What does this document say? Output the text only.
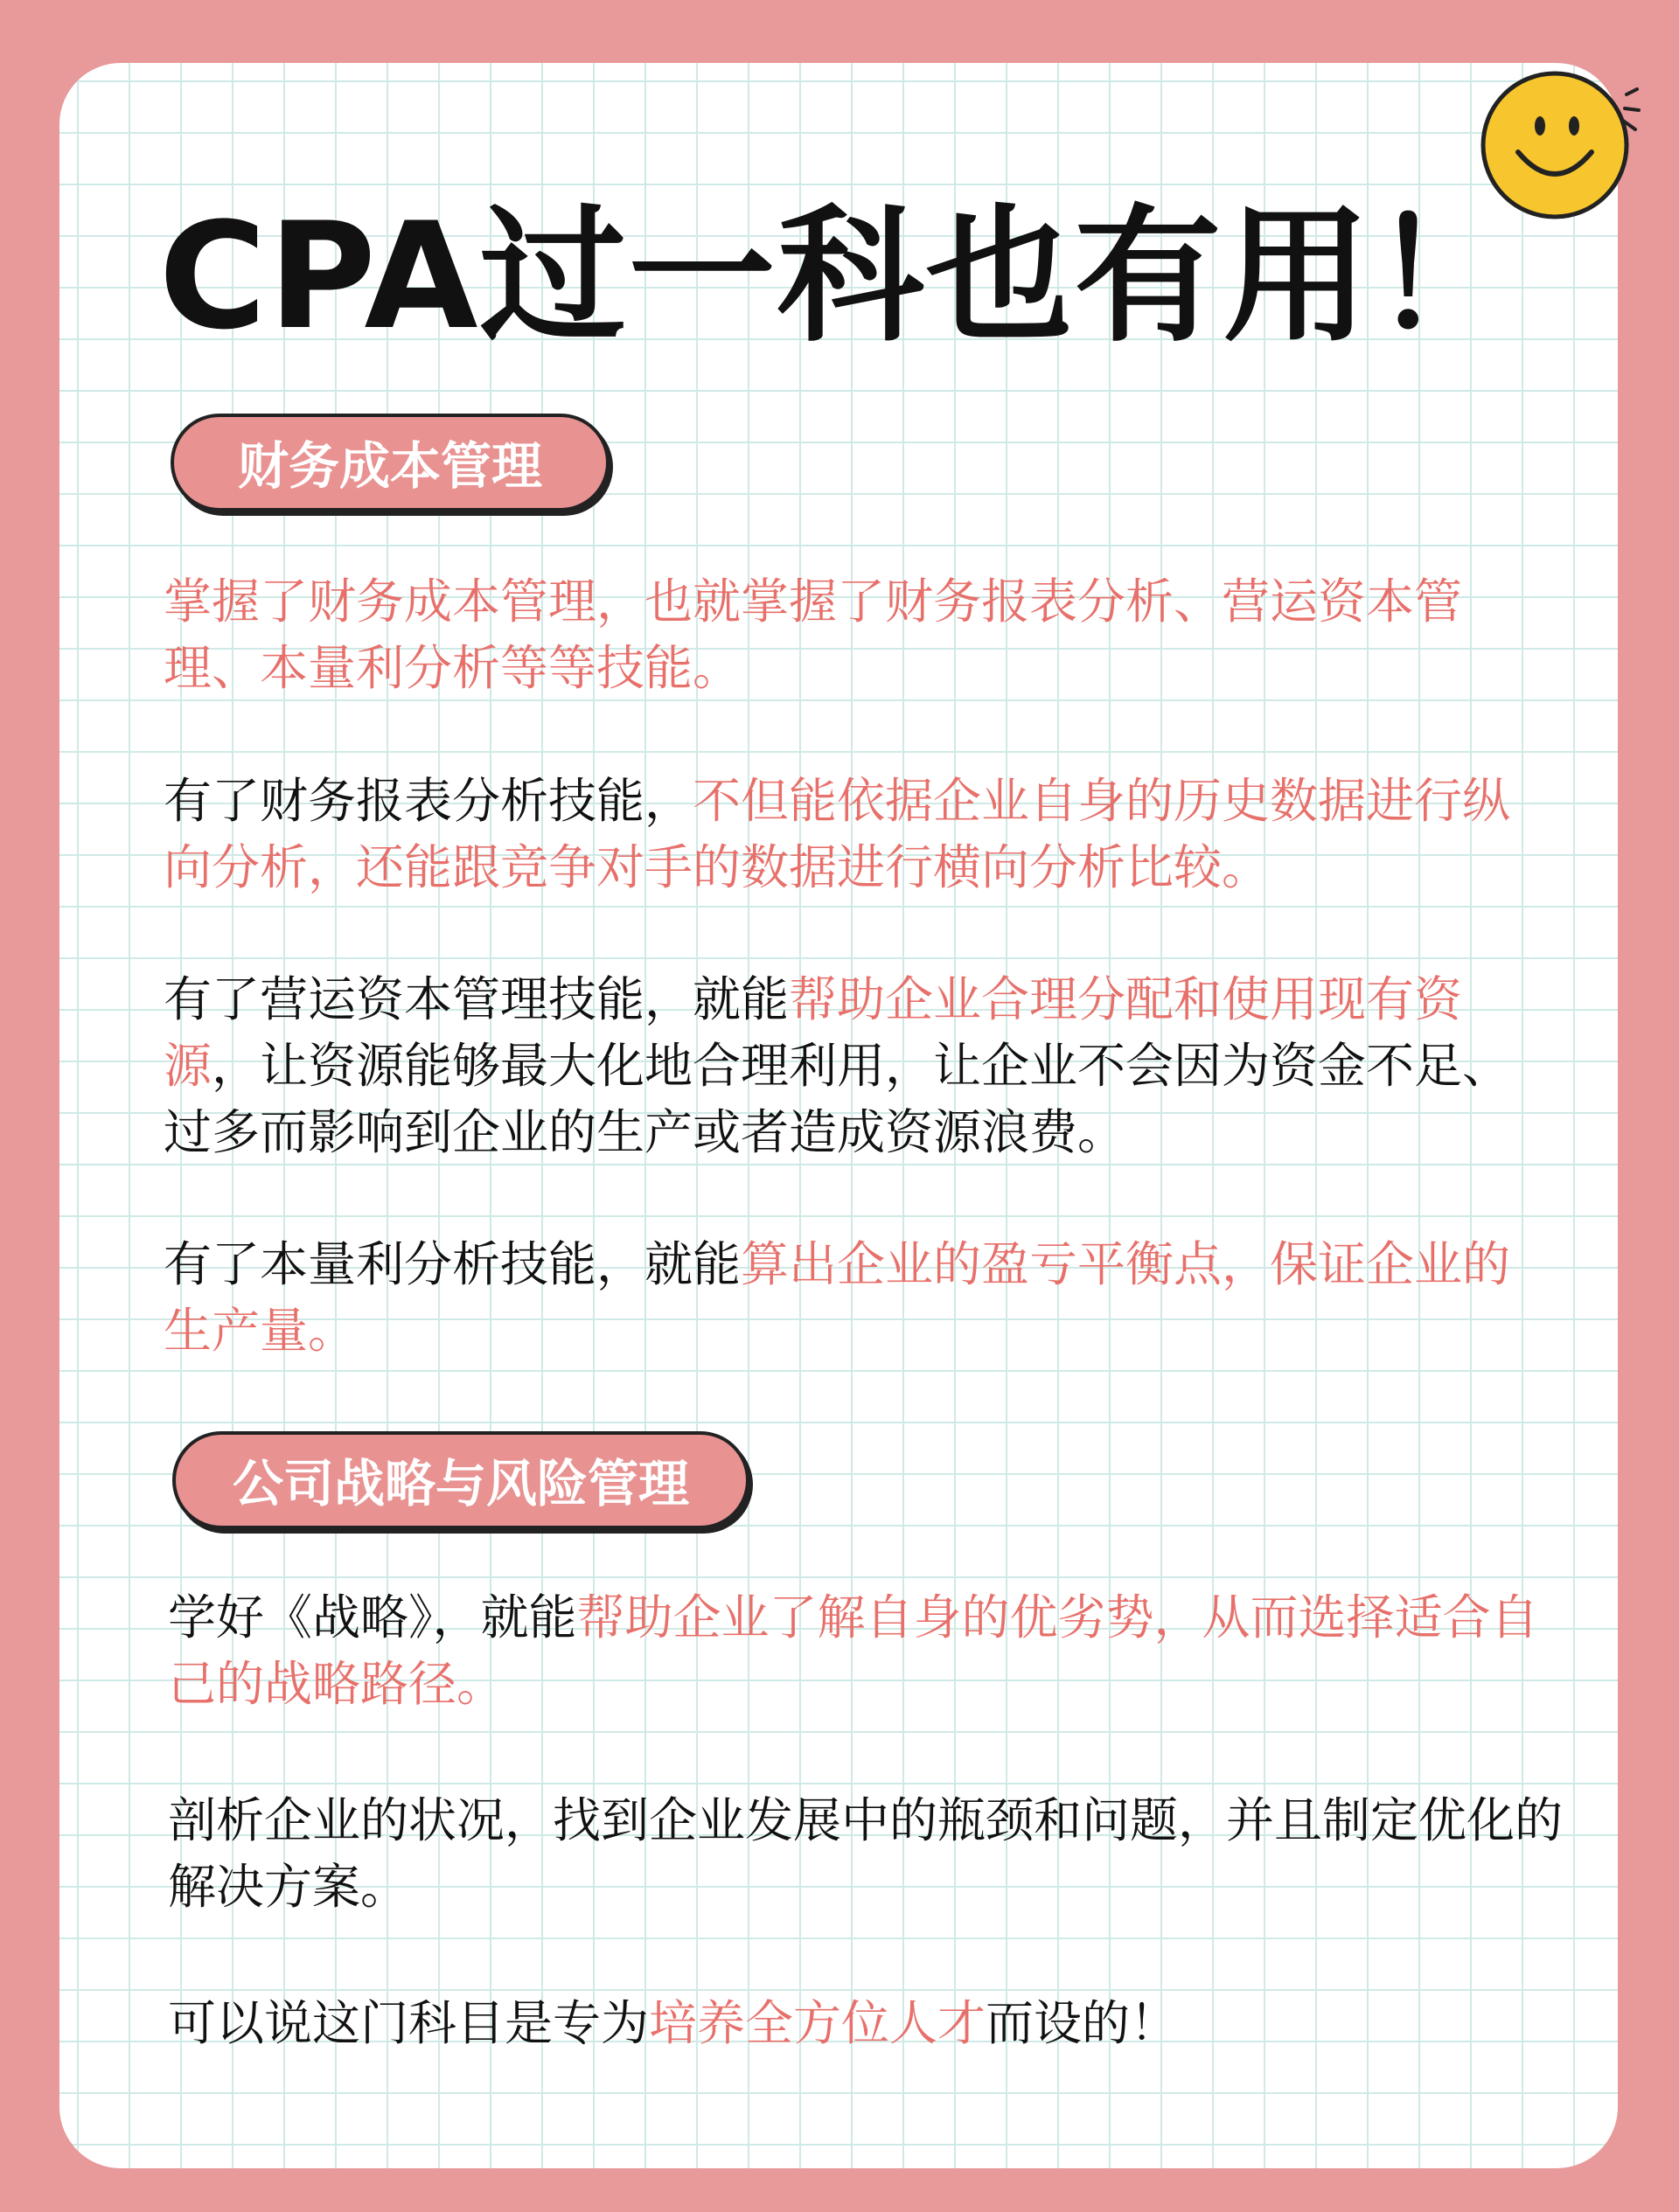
CPA过一科也有用！
财务成本管理

掌握了财务成本管理，也就掌握了财务报表分析、营运资本管理、本量利分析等等技能。

有了财务报表分析技能，不但能依据企业自身的历史数据进行纵向分析，还能跟竞争对手的数据进行横向分析比较。

有了营运资本管理技能，就能帮助企业合理分配和使用现有资源，让资源能够最大化地合理利用，让企业不会因为资金不足、过多而影响到企业的生产或者造成资源浪费。

有了本量利分析技能，就能算出企业的盈亏平衡点，保证企业的生产量。

公司战略与风险管理

学好《战略》，就能帮助企业了解自身的优劣势，从而选择适合自己的战略路径。

剖析企业的状况，找到企业发展中的瓶颈和问题，并且制定优化的解决方案。

可以说这门科目是专为培养全方位人才而设的！
